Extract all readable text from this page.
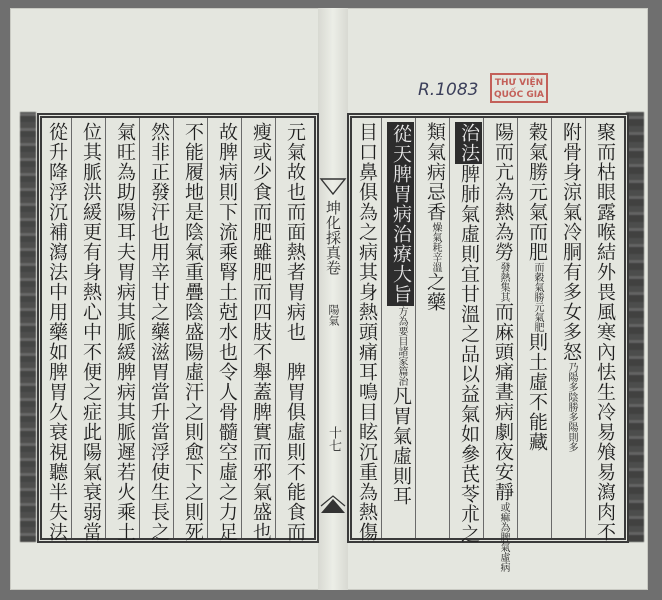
R.1083	THƯ VIỆN
QUỐC GIA
聚而枯眼露喉結外畏風寒內怯生冷易飧易瀉肉不
附骨身涼氣冷胴有多女多怒乃陽多陰勝多陽則多
穀氣勝元氣而肥而穀氣勝元氣肥則土虛不能藏
陽而亢為熱為勞發熱集其而麻頭痛晝病劇夜安靜或痲為脾氣虛病
治法脾肺氣虛則宜甘溫之品以益氣如參芪苓朮之
類氣病忌香燥氣耗辛溫之藥
從天脾胃病治療大旨方為要目諸家篇治凡胃氣虛則耳
目口鼻俱為之病其身熱頭痛耳鳴目眩沉重為熱傷
坤化採真卷
陽氣
十七
元氣故也而面熱者胃病也　脾胃俱虛則不能食而
瘦或少食而肥雖肥而四肢不舉蓋脾實而邪氣盛也
故脾病則下流乘腎土尅水也令人骨髓空虛之力足
不能履地是陰氣重疊陰盛陽虛汗之則愈下之則死
然非正發汗也用辛甘之藥滋胃當升當浮使生長之
氣旺為助陽耳夫胃病其脈緩脾病其脈遲若火乘土
位其脈洪緩更有身熱心中不便之症此陽氣衰弱當
從升降浮沉補瀉法中用藥如脾胃久衰視聽半失法
